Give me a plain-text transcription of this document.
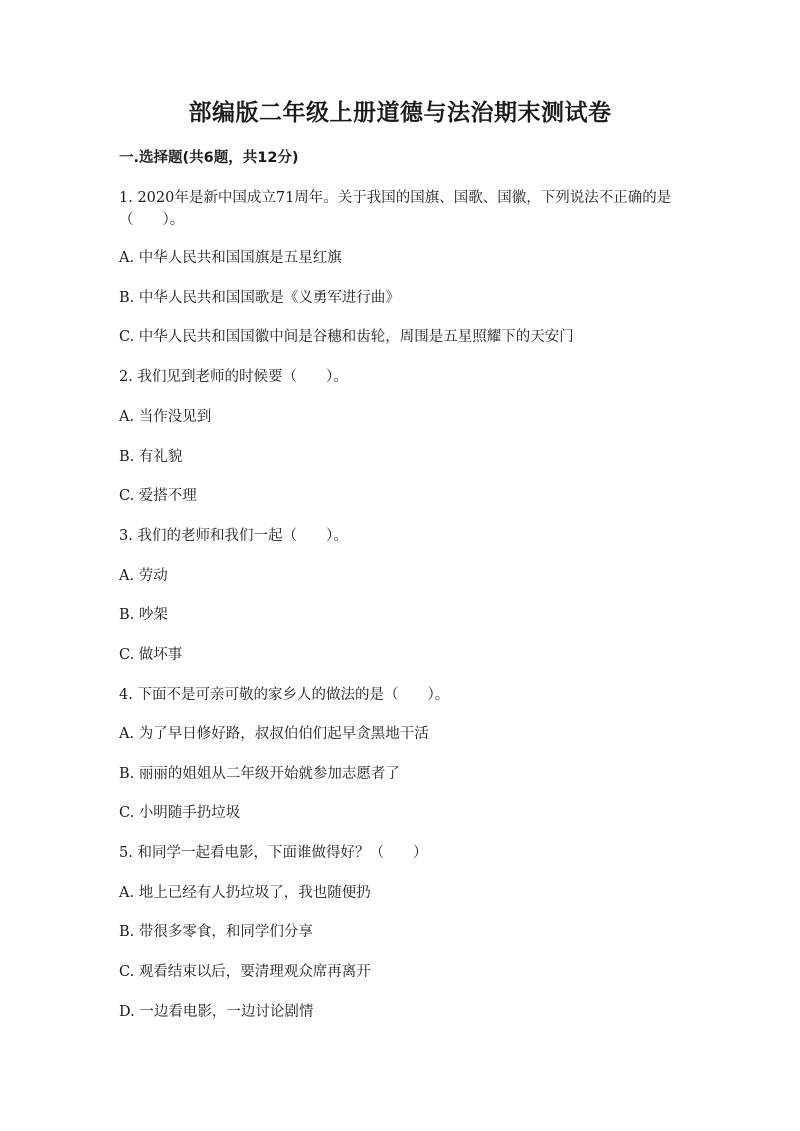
部编版二年级上册道德与法治期末测试卷
一.选择题(共6题，共12分)
1. 2020年是新中国成立71周年。关于我国的国旗、国歌、国徽，下列说法不正确的是（　　）。
A. 中华人民共和国国旗是五星红旗
B. 中华人民共和国国歌是《义勇军进行曲》
C. 中华人民共和国国徽中间是谷穗和齿轮，周围是五星照耀下的天安门
2. 我们见到老师的时候要（　　）。
A. 当作没见到
B. 有礼貌
C. 爱搭不理
3. 我们的老师和我们一起（　　）。
A. 劳动
B. 吵架
C. 做坏事
4. 下面不是可亲可敬的家乡人的做法的是（　　）。
A. 为了早日修好路，叔叔伯伯们起早贪黑地干活
B. 丽丽的姐姐从二年级开始就参加志愿者了
C. 小明随手扔垃圾
5. 和同学一起看电影，下面谁做得好？（　　）
A. 地上已经有人扔垃圾了，我也随便扔
B. 带很多零食，和同学们分享
C. 观看结束以后，要清理观众席再离开
D. 一边看电影，一边讨论剧情
